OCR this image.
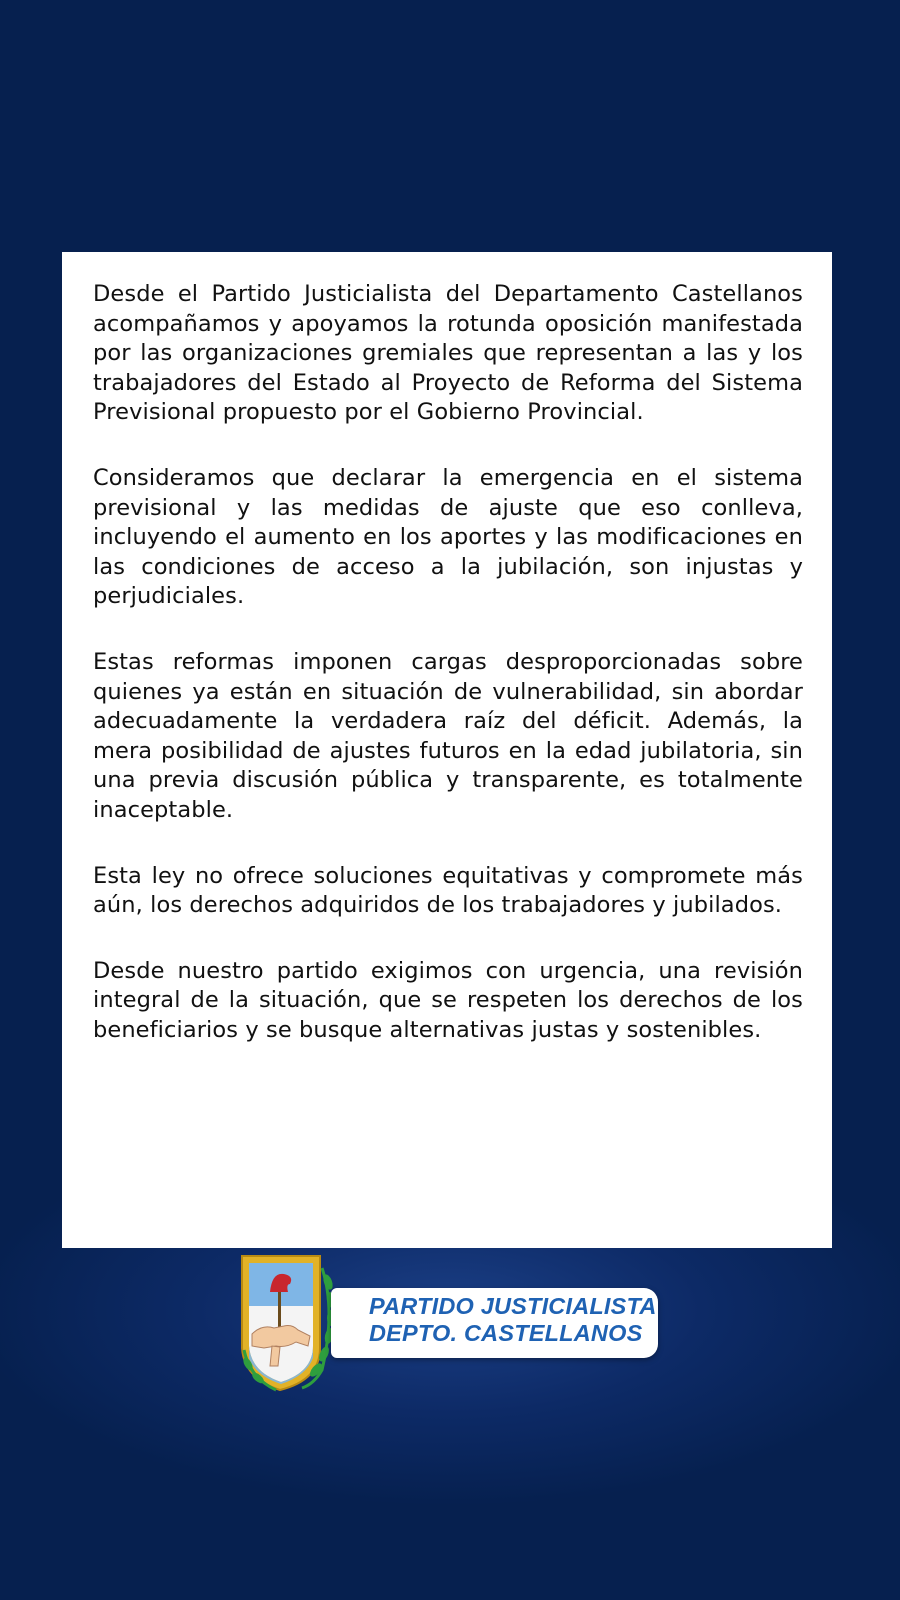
Desde el Partido Justicialista del Departamento Castellanos acompañamos y apoyamos la rotunda oposición manifestada por las organizaciones gremiales que representan a las y los trabajadores del Estado al Proyecto de Reforma del Sistema Previsional propuesto por el Gobierno Provincial.

Consideramos que declarar la emergencia en el sistema previsional y las medidas de ajuste que eso conlleva, incluyendo el aumento en los aportes y las modificaciones en las condiciones de acceso a la jubilación, son injustas y perjudiciales.

Estas reformas imponen cargas desproporcionadas sobre quienes ya están en situación de vulnerabilidad, sin abordar adecuadamente la verdadera raíz del déficit. Además, la mera posibilidad de ajustes futuros en la edad jubilatoria, sin una previa discusión pública y transparente, es totalmente inaceptable.

Esta ley no ofrece soluciones equitativas y compromete más aún, los derechos adquiridos de los trabajadores y jubilados.

Desde nuestro partido exigimos con urgencia, una revisión integral de la situación, que se respeten los derechos de los beneficiarios y se busque alternativas justas y sostenibles.

PARTIDO JUSTICIALISTA
DEPTO. CASTELLANOS
